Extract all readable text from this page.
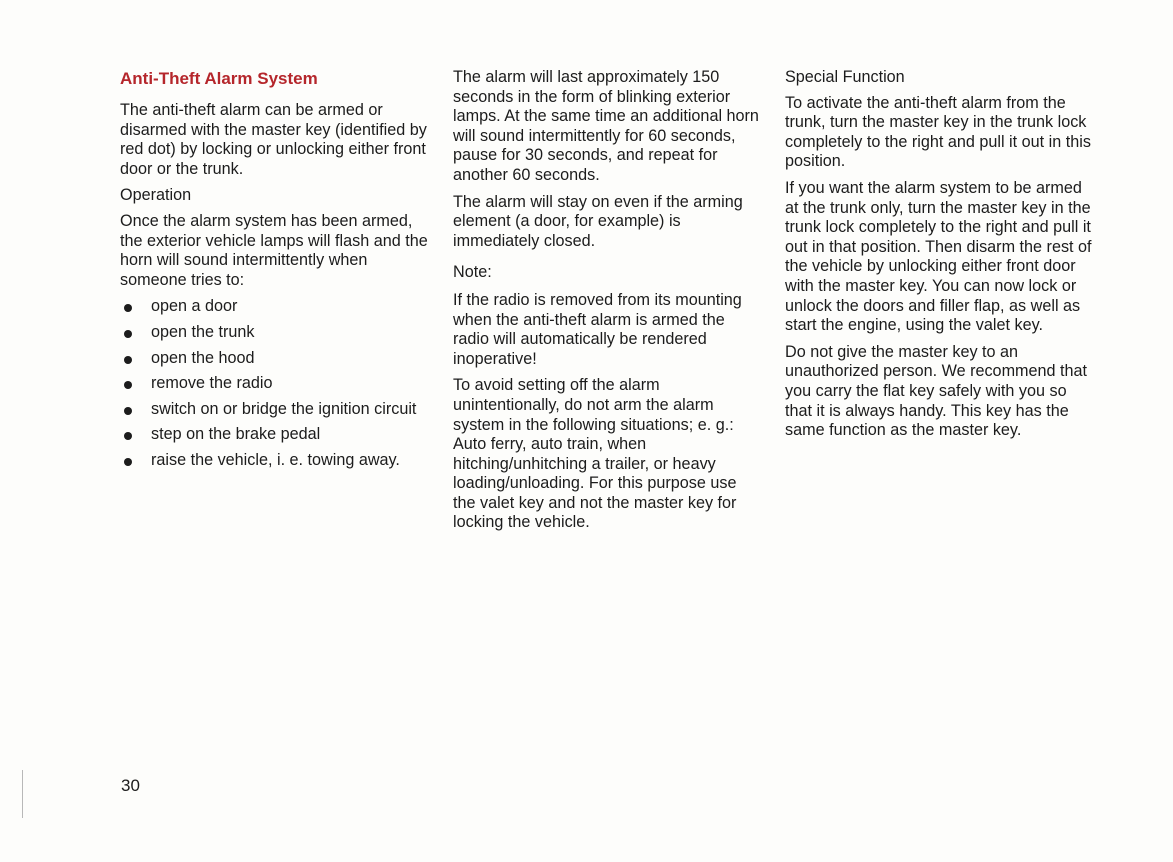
Anti-Theft Alarm System

The anti-theft alarm can be armed or disarmed with the master key (identified by red dot) by locking or unlocking either front door or the trunk.

Operation

Once the alarm system has been armed, the exterior vehicle lamps will flash and the horn will sound intermittently when someone tries to:

open a door
open the trunk
open the hood
remove the radio
switch on or bridge the ignition circuit
step on the brake pedal
raise the vehicle, i. e. towing away.

The alarm will last approximately 150 seconds in the form of blinking exterior lamps. At the same time an additional horn will sound intermittently for 60 seconds, pause for 30 seconds, and repeat for another 60 seconds.

The alarm will stay on even if the arming element (a door, for example) is immediately closed.

Note:

If the radio is removed from its mounting when the anti-theft alarm is armed the radio will automatically be rendered inoperative!

To avoid setting off the alarm unintentionally, do not arm the alarm system in the following situations; e. g.: Auto ferry, auto train, when hitching/unhitching a trailer, or heavy loading/unloading. For this purpose use the valet key and not the master key for locking the vehicle.

Special Function

To activate the anti-theft alarm from the trunk, turn the master key in the trunk lock completely to the right and pull it out in this position.

If you want the alarm system to be armed at the trunk only, turn the master key in the trunk lock completely to the right and pull it out in that position. Then disarm the rest of the vehicle by unlocking either front door with the master key. You can now lock or unlock the doors and filler flap, as well as start the engine, using the valet key.

Do not give the master key to an unauthorized person. We recommend that you carry the flat key safely with you so that it is always handy. This key has the same function as the master key.

30
